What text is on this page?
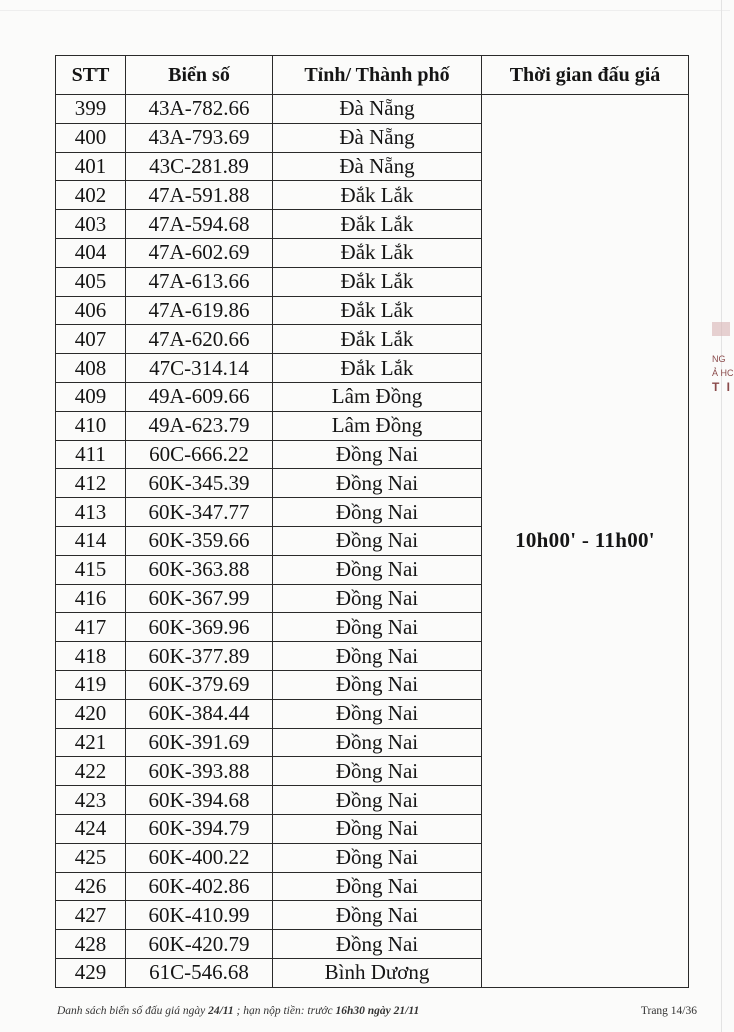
STT	Biển số	Tỉnh/ Thành phố	Thời gian đấu giá
399	43A-782.66	Đà Nẵng	10h00' - 11h00'
400	43A-793.69	Đà Nẵng	
401	43C-281.89	Đà Nẵng	
402	47A-591.88	Đắk Lắk	
403	47A-594.68	Đắk Lắk	
404	47A-602.69	Đắk Lắk	
405	47A-613.66	Đắk Lắk	
406	47A-619.86	Đắk Lắk	
407	47A-620.66	Đắk Lắk	
408	47C-314.14	Đắk Lắk	
409	49A-609.66	Lâm Đồng	
410	49A-623.79	Lâm Đồng	
411	60C-666.22	Đồng Nai	
412	60K-345.39	Đồng Nai	
413	60K-347.77	Đồng Nai	
414	60K-359.66	Đồng Nai	
415	60K-363.88	Đồng Nai	
416	60K-367.99	Đồng Nai	
417	60K-369.96	Đồng Nai	
418	60K-377.89	Đồng Nai	
419	60K-379.69	Đồng Nai	
420	60K-384.44	Đồng Nai	
421	60K-391.69	Đồng Nai	
422	60K-393.88	Đồng Nai	
423	60K-394.68	Đồng Nai	
424	60K-394.79	Đồng Nai	
425	60K-400.22	Đồng Nai	
426	60K-402.86	Đồng Nai	
427	60K-410.99	Đồng Nai	
428	60K-420.79	Đồng Nai	
429	61C-546.68	Bình Dương	
NG
Ả HC
T I
Danh sách biển số đấu giá ngày 24/11 ; hạn nộp tiền: trước 16h30 ngày 21/11	Trang 14/36
